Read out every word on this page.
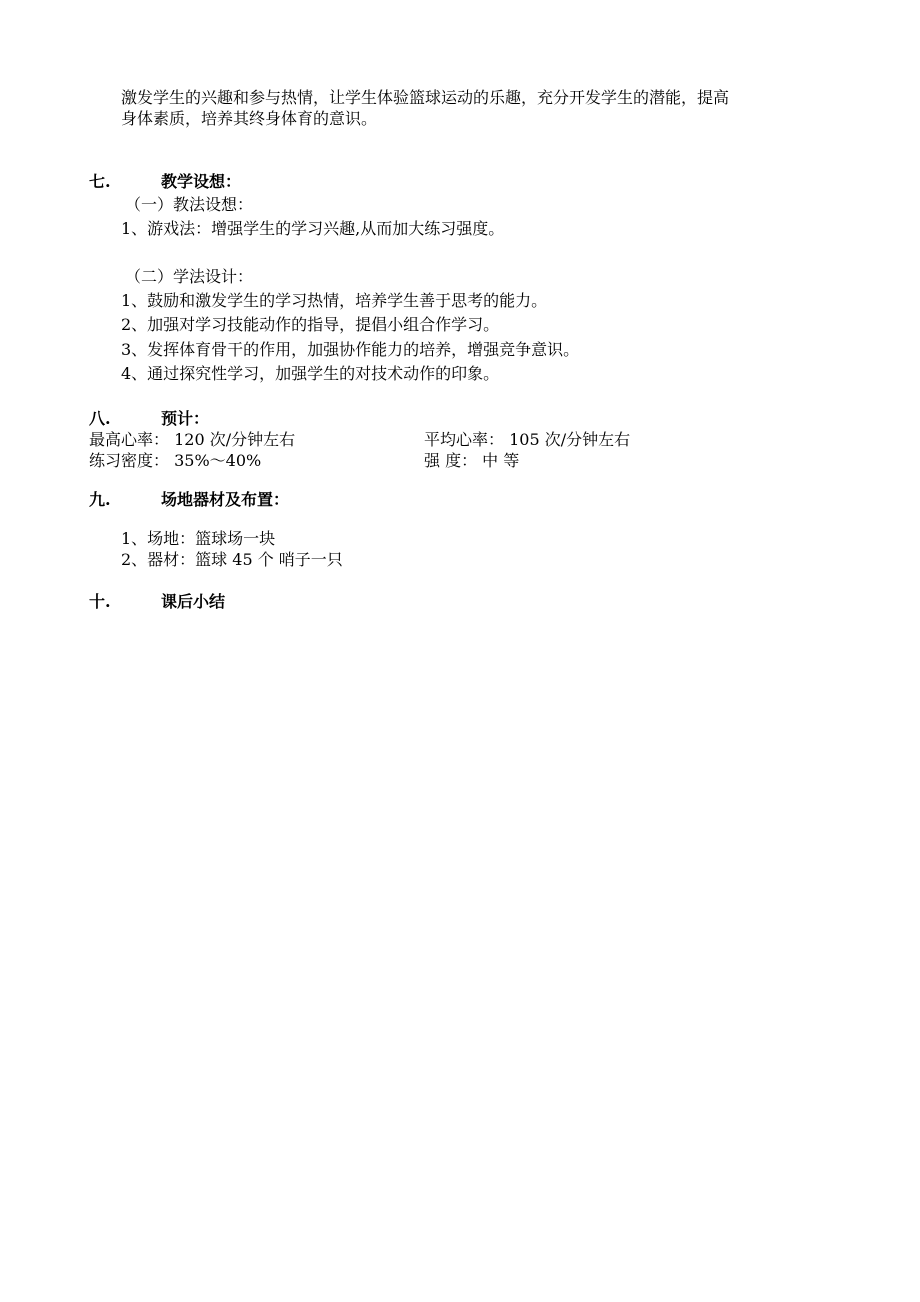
激发学生的兴趣和参与热情，让学生体验篮球运动的乐趣，充分开发学生的潜能，提高
身体素质，培养其终身体育的意识。
七.	教学设想：
（一）教法设想：
1、游戏法：增强学生的学习兴趣,从而加大练习强度。
（二）学法设计：
1、鼓励和激发学生的学习热情，培养学生善于思考的能力。
2、加强对学习技能动作的指导，提倡小组合作学习。
3、发挥体育骨干的作用，加强协作能力的培养，增强竞争意识。
4、通过探究性学习，加强学生的对技术动作的印象。
八.	预计：
最高心率： 120 次/分钟左右	平均心率： 105 次/分钟左右
练习密度： 35%～40%	强 度： 中 等
九.	场地器材及布置：
1、场地：篮球场一块
2、器材：篮球 45 个 哨子一只
十.	课后小结
